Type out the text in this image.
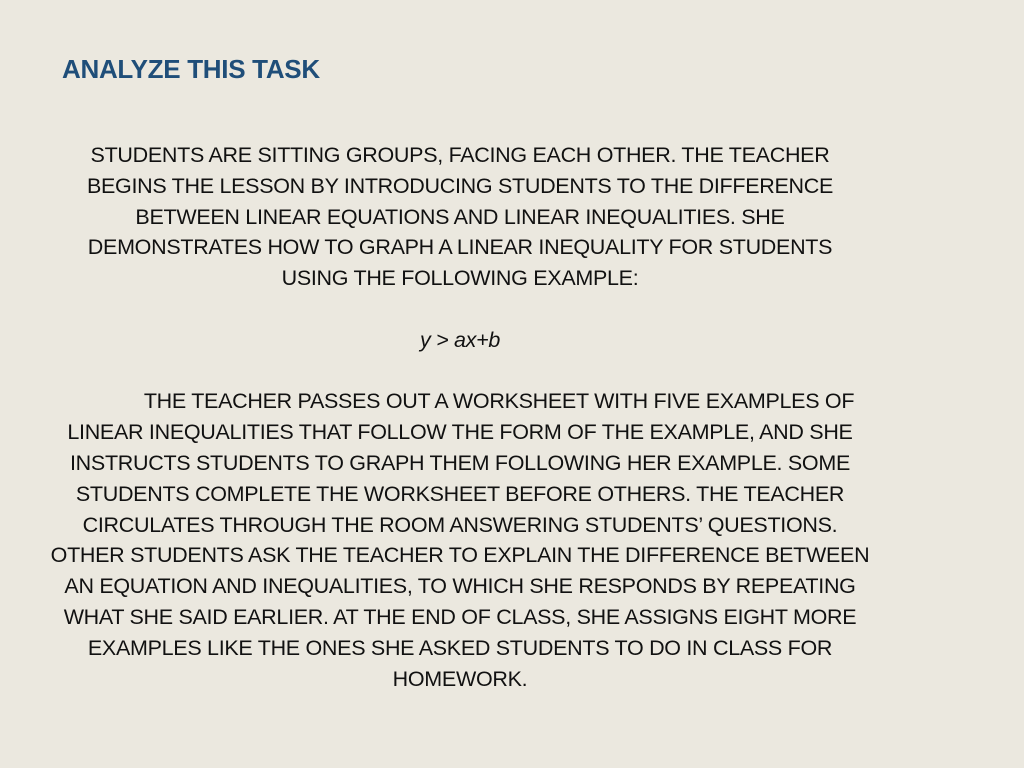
ANALYZE THIS TASK
STUDENTS ARE SITTING GROUPS, FACING EACH OTHER. THE TEACHER
BEGINS THE LESSON BY INTRODUCING STUDENTS TO THE DIFFERENCE
BETWEEN LINEAR EQUATIONS AND LINEAR INEQUALITIES. SHE
DEMONSTRATES HOW TO GRAPH A LINEAR INEQUALITY FOR STUDENTS
USING THE FOLLOWING EXAMPLE:
y > ax+b
THE TEACHER PASSES OUT A WORKSHEET WITH FIVE EXAMPLES OF
LINEAR INEQUALITIES THAT FOLLOW THE FORM OF THE EXAMPLE, AND SHE
INSTRUCTS STUDENTS TO GRAPH THEM FOLLOWING HER EXAMPLE. SOME
STUDENTS COMPLETE THE WORKSHEET BEFORE OTHERS. THE TEACHER
CIRCULATES THROUGH THE ROOM ANSWERING STUDENTS’ QUESTIONS.
OTHER STUDENTS ASK THE TEACHER TO EXPLAIN THE DIFFERENCE BETWEEN
AN EQUATION AND INEQUALITIES, TO WHICH SHE RESPONDS BY REPEATING
WHAT SHE SAID EARLIER. AT THE END OF CLASS, SHE ASSIGNS EIGHT MORE
EXAMPLES LIKE THE ONES SHE ASKED STUDENTS TO DO IN CLASS FOR
HOMEWORK.
